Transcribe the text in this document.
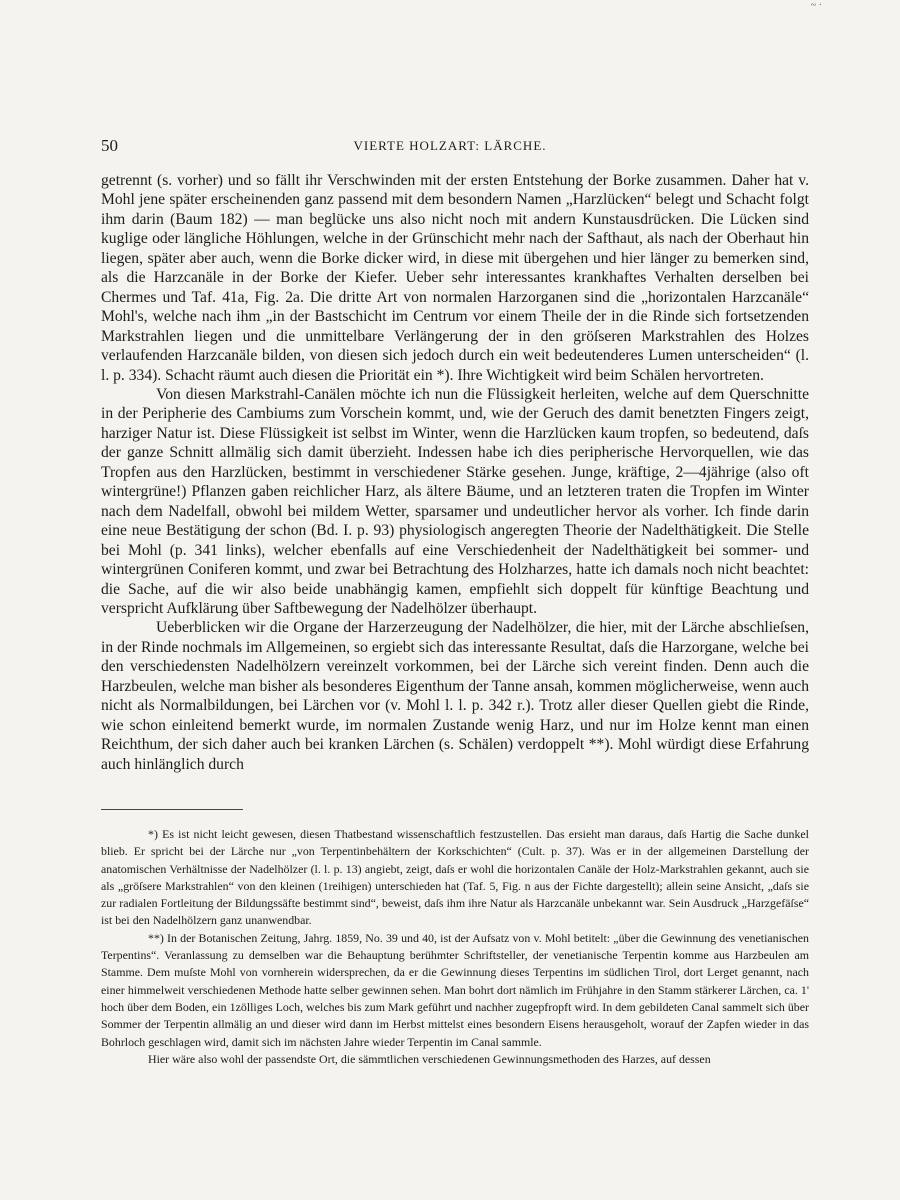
~ ·
50	VIERTE HOLZART: LÄRCHE.

getrennt (s. vorher) und so fällt ihr Verschwinden mit der ersten Entstehung der Borke zusammen. Daher hat v. Mohl jene später erscheinenden ganz passend mit dem besondern Namen „Harzlücken“ belegt und Schacht folgt ihm darin (Baum 182) — man beglücke uns also nicht noch mit andern Kunstausdrücken. Die Lücken sind kuglige oder längliche Höhlungen, welche in der Grünschicht mehr nach der Safthaut, als nach der Oberhaut hin liegen, später aber auch, wenn die Borke dicker wird, in diese mit übergehen und hier länger zu bemerken sind, als die Harzcanäle in der Borke der Kiefer. Ueber sehr interessantes krankhaftes Verhalten derselben bei Chermes und Taf. 41a, Fig. 2a. Die dritte Art von normalen Harzorganen sind die „horizontalen Harzcanäle“ Mohl's, welche nach ihm „in der Bastschicht im Centrum vor einem Theile der in die Rinde sich fortsetzenden Markstrahlen liegen und die unmittelbare Verlängerung der in den gröſseren Markstrahlen des Holzes verlaufenden Harzcanäle bilden, von diesen sich jedoch durch ein weit bedeutenderes Lumen unterscheiden“ (l. l. p. 334). Schacht räumt auch diesen die Priorität ein *). Ihre Wichtigkeit wird beim Schälen hervortreten.

Von diesen Markstrahl-Canälen möchte ich nun die Flüssigkeit herleiten, welche auf dem Querschnitte in der Peripherie des Cambiums zum Vorschein kommt, und, wie der Geruch des damit benetzten Fingers zeigt, harziger Natur ist. Diese Flüssigkeit ist selbst im Winter, wenn die Harzlücken kaum tropfen, so bedeutend, daſs der ganze Schnitt allmälig sich damit überzieht. Indessen habe ich dies peripherische Hervorquellen, wie das Tropfen aus den Harzlücken, bestimmt in verschiedener Stärke gesehen. Junge, kräftige, 2—4jährige (also oft wintergrüne!) Pflanzen gaben reichlicher Harz, als ältere Bäume, und an letzteren traten die Tropfen im Winter nach dem Nadelfall, obwohl bei mildem Wetter, sparsamer und undeutlicher hervor als vorher. Ich finde darin eine neue Bestätigung der schon (Bd. I. p. 93) physiologisch angeregten Theorie der Nadelthätigkeit. Die Stelle bei Mohl (p. 341 links), welcher ebenfalls auf eine Verschiedenheit der Nadelthätigkeit bei sommer- und wintergrünen Coniferen kommt, und zwar bei Betrachtung des Holzharzes, hatte ich damals noch nicht beachtet: die Sache, auf die wir also beide unabhängig kamen, empfiehlt sich doppelt für künftige Beachtung und verspricht Aufklärung über Saftbewegung der Nadelhölzer überhaupt.

Ueberblicken wir die Organe der Harzerzeugung der Nadelhölzer, die hier, mit der Lärche abschlieſsen, in der Rinde nochmals im Allgemeinen, so ergiebt sich das interessante Resultat, daſs die Harzorgane, welche bei den verschiedensten Nadelhölzern vereinzelt vorkommen, bei der Lärche sich vereint finden. Denn auch die Harzbeulen, welche man bisher als besonderes Eigenthum der Tanne ansah, kommen möglicherweise, wenn auch nicht als Normalbildungen, bei Lärchen vor (v. Mohl l. l. p. 342 r.). Trotz aller dieser Quellen giebt die Rinde, wie schon einleitend bemerkt wurde, im normalen Zustande wenig Harz, und nur im Holze kennt man einen Reichthum, der sich daher auch bei kranken Lärchen (s. Schälen) verdoppelt **). Mohl würdigt diese Erfahrung auch hinlänglich durch

*) Es ist nicht leicht gewesen, diesen Thatbestand wissenschaftlich festzustellen. Das ersieht man daraus, daſs Hartig die Sache dunkel blieb. Er spricht bei der Lärche nur „von Terpentinbehältern der Korkschichten“ (Cult. p. 37). Was er in der allgemeinen Darstellung der anatomischen Verhältnisse der Nadelhölzer (l. l. p. 13) angiebt, zeigt, daſs er wohl die horizontalen Canäle der Holz-Markstrahlen gekannt, auch sie als „gröſsere Markstrahlen“ von den kleinen (1reihigen) unterschieden hat (Taf. 5, Fig. n aus der Fichte dargestellt); allein seine Ansicht, „daſs sie zur radialen Fortleitung der Bildungssäfte bestimmt sind“, beweist, daſs ihm ihre Natur als Harzcanäle unbekannt war. Sein Ausdruck „Harzgefäſse“ ist bei den Nadelhölzern ganz unanwendbar.

**) In der Botanischen Zeitung, Jahrg. 1859, No. 39 und 40, ist der Aufsatz von v. Mohl betitelt: „über die Gewinnung des venetianischen Terpentins“. Veranlassung zu demselben war die Behauptung berühmter Schriftsteller, der venetianische Terpentin komme aus Harzbeulen am Stamme. Dem muſste Mohl von vornherein widersprechen, da er die Gewinnung dieses Terpentins im südlichen Tirol, dort Lerget genannt, nach einer himmelweit verschiedenen Methode hatte selber gewinnen sehen. Man bohrt dort nämlich im Frühjahre in den Stamm stärkerer Lärchen, ca. 1' hoch über dem Boden, ein 1zölliges Loch, welches bis zum Mark geführt und nachher zugepfropft wird. In dem gebildeten Canal sammelt sich über Sommer der Terpentin allmälig an und dieser wird dann im Herbst mittelst eines besondern Eisens herausgeholt, worauf der Zapfen wieder in das Bohrloch geschlagen wird, damit sich im nächsten Jahre wieder Terpentin im Canal sammle.

Hier wäre also wohl der passendste Ort, die sämmtlichen verschiedenen Gewinnungsmethoden des Harzes, auf dessen
